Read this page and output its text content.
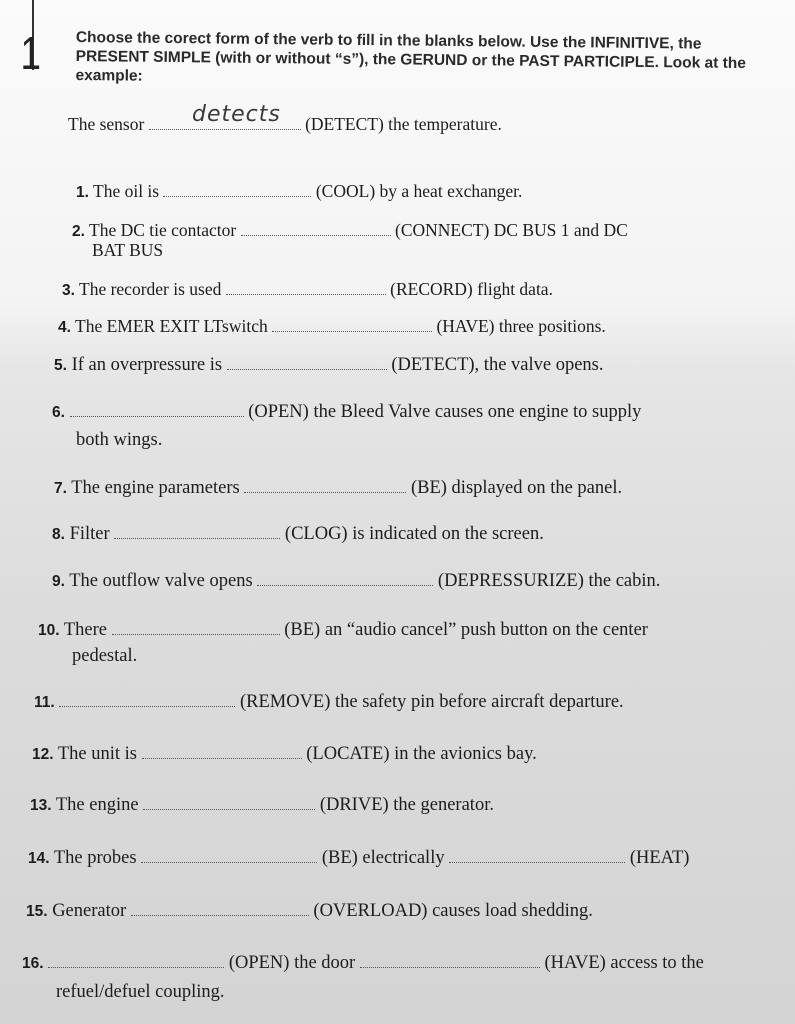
1 Choose the corect form of the verb to fill in the blanks below. Use the INFINITIVE, the PRESENT SIMPLE (with or without “s”), the GERUND or the PAST PARTICIPLE. Look at the example:
The sensor	(DETECT) the temperature.
detects
1. The oil is	(COOL) by a heat exchanger.
2. The DC tie contactor	(CONNECT) DC BUS 1 and DC
BAT BUS
3. The recorder is used	(RECORD) flight data.
4. The EMER EXIT LTswitch	(HAVE) three positions.
5. If an overpressure is	(DETECT), the valve opens.
6.	(OPEN) the Bleed Valve causes one engine to supply
both wings.
7. The engine parameters	(BE) displayed on the panel.
8. Filter	(CLOG) is indicated on the screen.
9. The outflow valve opens	(DEPRESSURIZE) the cabin.
10. There	(BE) an “audio cancel” push button on the center
pedestal.
11.	(REMOVE) the safety pin before aircraft departure.
12. The unit is	(LOCATE) in the avionics bay.
13. The engine	(DRIVE) the generator.
14. The probes	(BE) electrically	(HEAT)
15. Generator	(OVERLOAD) causes load shedding.
16.	(OPEN) the door	(HAVE) access to the
refuel/defuel coupling.
